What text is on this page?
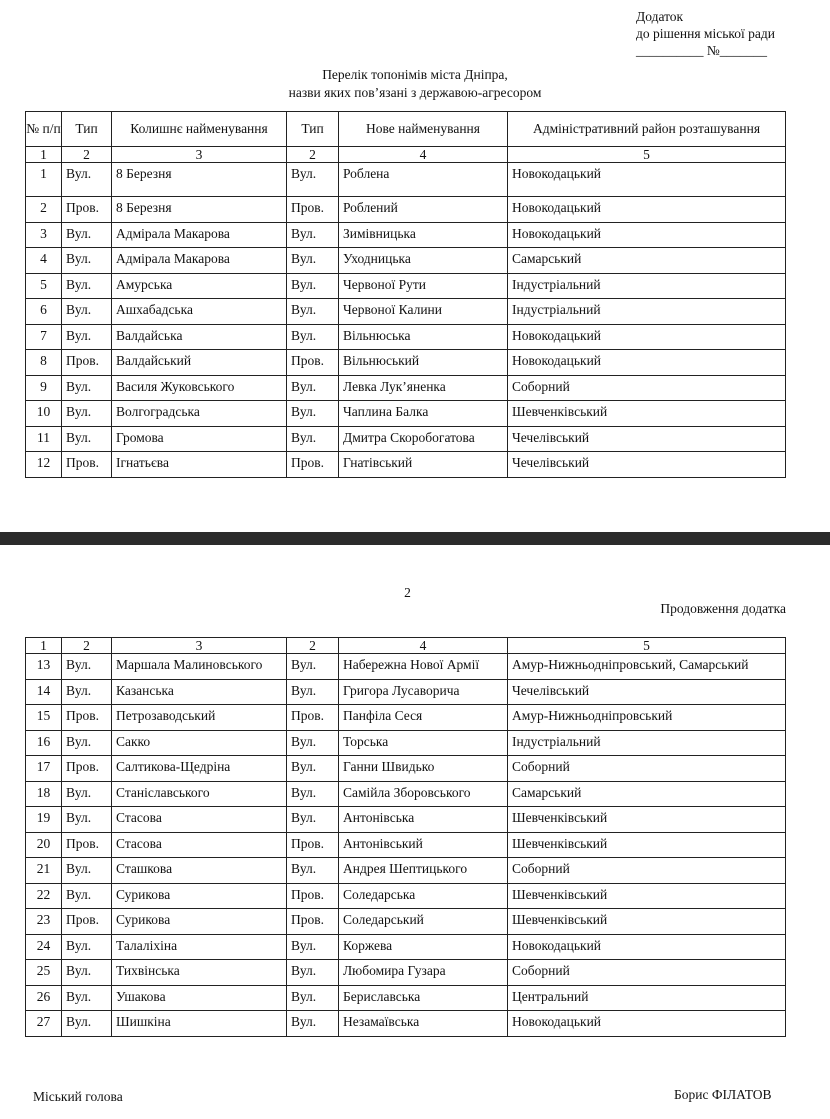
Додаток
до рішення міської ради
__________ №_______
Перелік топонімів міста Дніпра,
назви яких пов’язані з державою-агресором
№ п/п	Тип	Колишнє найменування	Тип	Нове найменування	Адміністративний район розташування
1	2	3	2	4	5
1	Вул.	8 Березня	Вул.	Роблена	Новокодацький
2	Пров.	8 Березня	Пров.	Роблений	Новокодацький
3	Вул.	Адмірала Макарова	Вул.	Зимівницька	Новокодацький
4	Вул.	Адмірала Макарова	Вул.	Уходницька	Самарський
5	Вул.	Амурська	Вул.	Червоної Рути	Індустріальний
6	Вул.	Ашхабадська	Вул.	Червоної Калини	Індустріальний
7	Вул.	Валдайська	Вул.	Вільнюська	Новокодацький
8	Пров.	Валдайський	Пров.	Вільнюський	Новокодацький
9	Вул.	Василя Жуковського	Вул.	Левка Лук’яненка	Соборний
10	Вул.	Волгоградська	Вул.	Чаплина Балка	Шевченківський
11	Вул.	Громова	Вул.	Дмитра Скоробогатова	Чечелівський
12	Пров.	Ігнатьєва	Пров.	Гнатівський	Чечелівський
2
Продовження додатка
1	2	3	2	4	5
13	Вул.	Маршала Малиновського	Вул.	Набережна Нової Армії	Амур-Нижньодніпровський, Самарський
14	Вул.	Казанська	Вул.	Григора Лусаворича	Чечелівський
15	Пров.	Петрозаводський	Пров.	Панфіла Сеся	Амур-Нижньодніпровський
16	Вул.	Сакко	Вул.	Торська	Індустріальний
17	Пров.	Салтикова-Щедріна	Вул.	Ганни Швидько	Соборний
18	Вул.	Станіславського	Вул.	Самійла Зборовського	Самарський
19	Вул.	Стасова	Вул.	Антонівська	Шевченківський
20	Пров.	Стасова	Пров.	Антонівський	Шевченківський
21	Вул.	Сташкова	Вул.	Андрея Шептицького	Соборний
22	Вул.	Сурикова	Пров.	Соледарська	Шевченківський
23	Пров.	Сурикова	Пров.	Соледарський	Шевченківський
24	Вул.	Талаліхіна	Вул.	Коржева	Новокодацький
25	Вул.	Тихвінська	Вул.	Любомира Гузара	Соборний
26	Вул.	Ушакова	Вул.	Бериславська	Центральний
27	Вул.	Шишкіна	Вул.	Незамаївська	Новокодацький
Міський голова	Борис ФІЛАТОВ
